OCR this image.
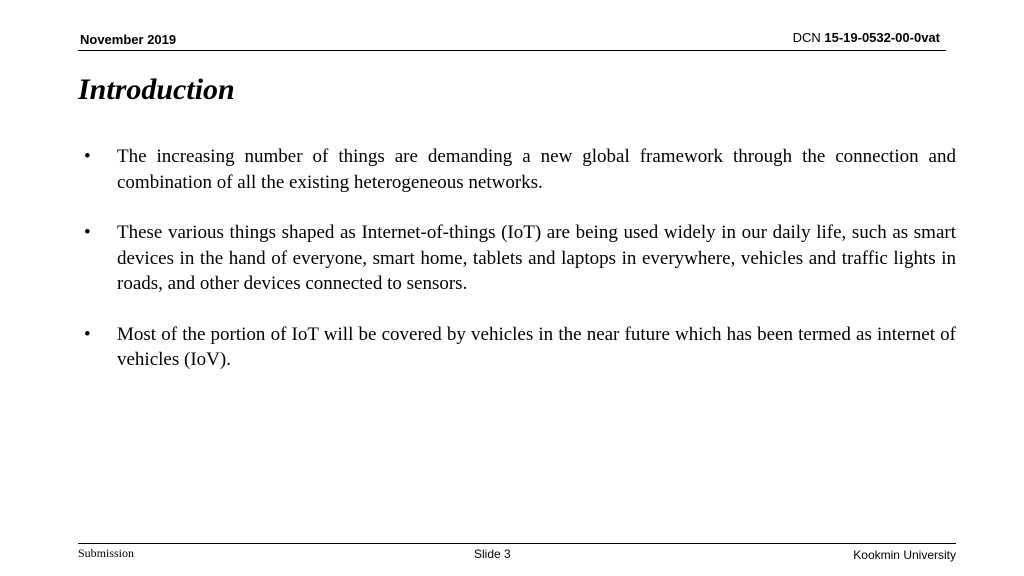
November 2019	DCN 15-19-0532-00-0vat
Introduction
• The increasing number of things are demanding a new global framework through the connection and combination of all the existing heterogeneous networks.
• These various things shaped as Internet-of-things (IoT) are being used widely in our daily life, such as smart devices in the hand of everyone, smart home, tablets and laptops in everywhere, vehicles and traffic lights in roads, and other devices connected to sensors.
• Most of the portion of IoT will be covered by vehicles in the near future which has been termed as internet of vehicles (IoV).
Submission	Slide 3	Kookmin University
